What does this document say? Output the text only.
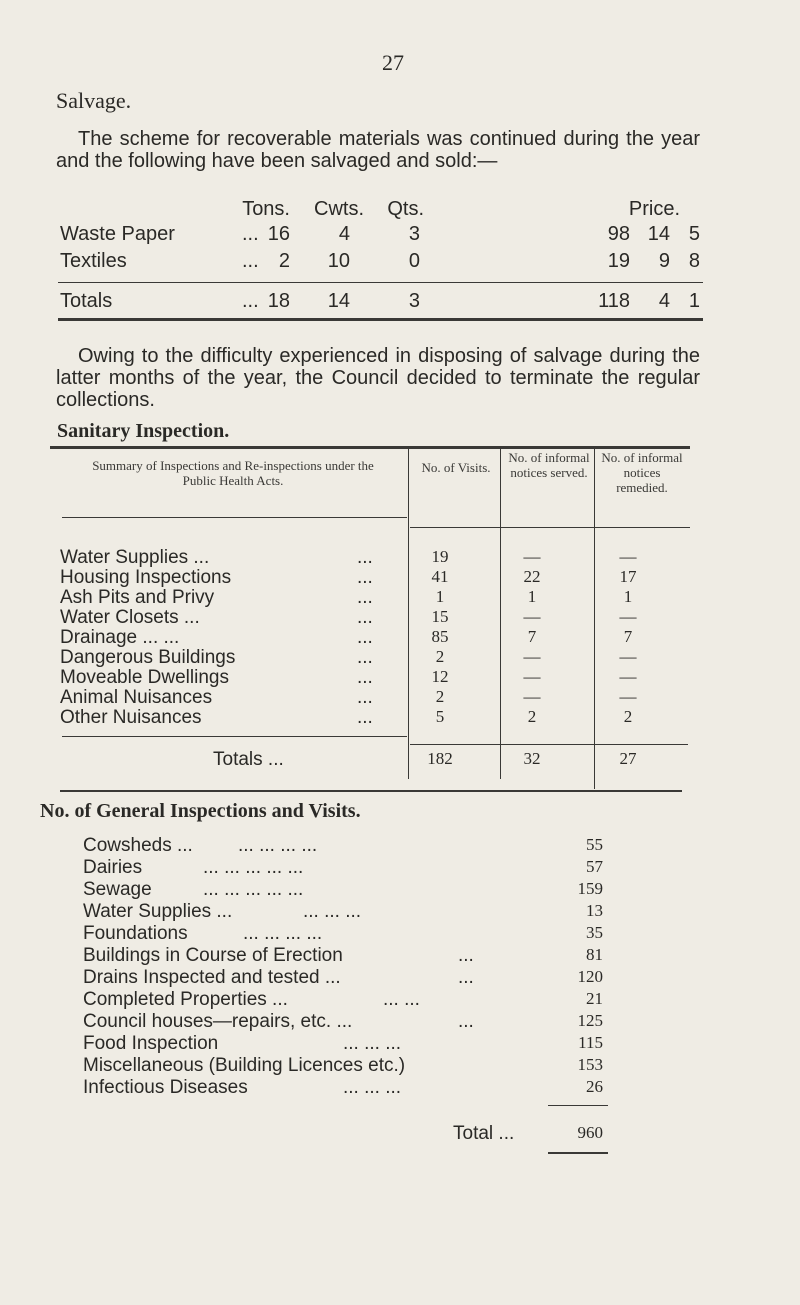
27
Salvage.
The scheme for recoverable materials was continued during the year and the following have been salvaged and sold:—
Tons.	Cwts.	Qts.	Price.
Waste Paper	... 16	4	3	98 14 5
Textiles	...	2	10	0	19	9 8
Totals	... 18	14	3	118	4 1
Owing to the difficulty experienced in disposing of salvage during the latter months of the year, the Council decided to terminate the regular collections.
Sanitary Inspection.
Summary of Inspections and Re-inspections under the Public Health Acts.
No. of Visits.
No. of informal notices served.
No. of informal notices remedied.
Water Supplies ...	...	19	—	—
Housing Inspections	...	41	22	17
Ash Pits and Privy	...	1	1	1
Water Closets ...	...	15	—	—
Drainage ... ...	...	85	7	7
Dangerous Buildings	...	2	—	—
Moveable Dwellings	...	12	—	—
Animal Nuisances	...	2	—	—
Other Nuisances	...	5	2	2
Totals ...	182	32	27
No. of General Inspections and Visits.
Cowsheds ... ... ... ... ...	55
Dairies	... ... ... ... ...	57
Sewage	... ... ... ... ...	159
Water Supplies ...	... ... ...	13
Foundations	... ... ... ...	35
Buildings in Course of Erection	...	81
Drains Inspected and tested ...	...	120
Completed Properties ...	... ...	21
Council houses—repairs, etc. ...	...	125
Food Inspection	... ... ...	115
Miscellaneous (Building Licences etc.)	153
Infectious Diseases	... ... ...	26
Total ...	960
